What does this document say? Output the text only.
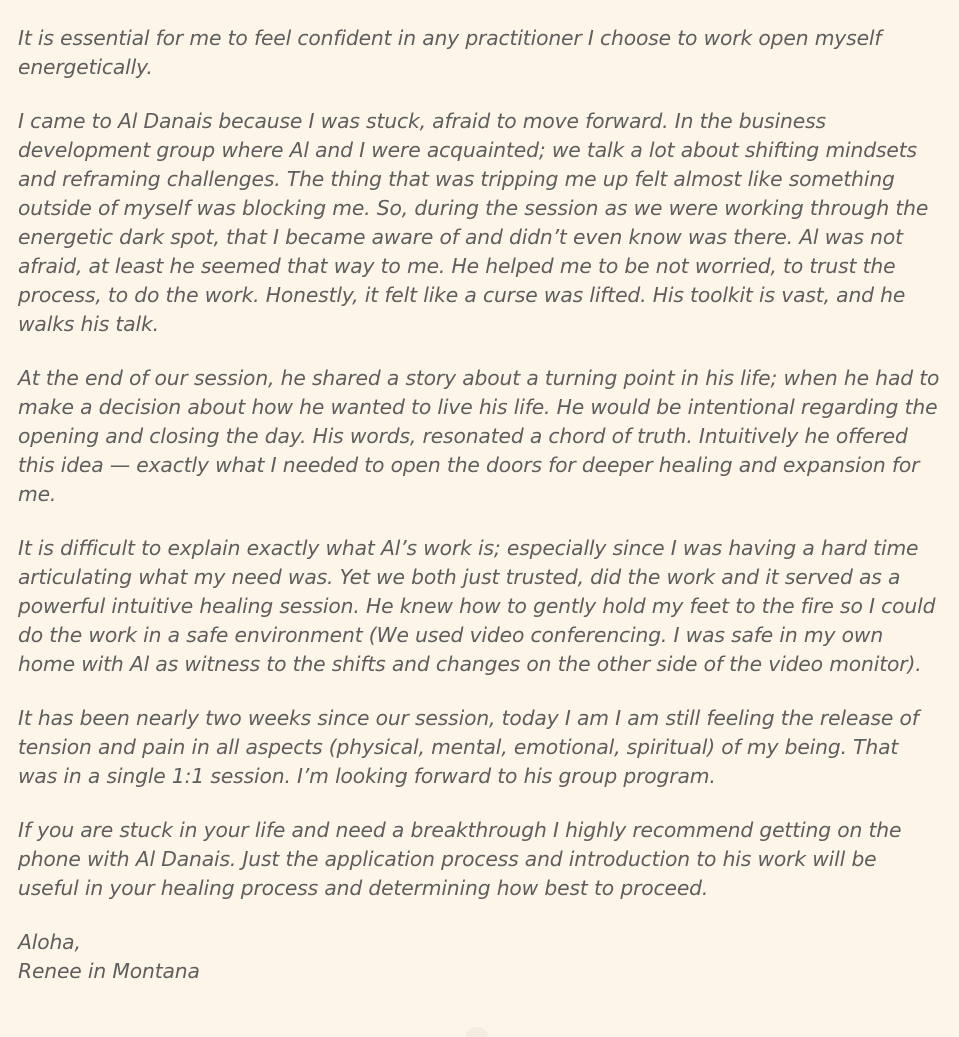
It is essential for me to feel confident in any practitioner I choose to work open myself energetically.

I came to Al Danais because I was stuck, afraid to move forward. In the business development group where Al and I were acquainted; we talk a lot about shifting mindsets and reframing challenges. The thing that was tripping me up felt almost like something outside of myself was blocking me. So, during the session as we were working through the energetic dark spot, that I became aware of and didn’t even know was there. Al was not afraid, at least he seemed that way to me. He helped me to be not worried, to trust the process, to do the work. Honestly, it felt like a curse was lifted. His toolkit is vast, and he walks his talk.

At the end of our session, he shared a story about a turning point in his life; when he had to make a decision about how he wanted to live his life. He would be intentional regarding the opening and closing the day. His words, resonated a chord of truth. Intuitively he offered this idea — exactly what I needed to open the doors for deeper healing and expansion for me.

It is difficult to explain exactly what Al’s work is; especially since I was having a hard time articulating what my need was. Yet we both just trusted, did the work and it served as a powerful intuitive healing session. He knew how to gently hold my feet to the fire so I could do the work in a safe environment (We used video conferencing. I was safe in my own home with Al as witness to the shifts and changes on the other side of the video monitor).

It has been nearly two weeks since our session, today I am I am still feeling the release of tension and pain in all aspects (physical, mental, emotional, spiritual) of my being. That was in a single 1:1 session. I’m looking forward to his group program.

If you are stuck in your life and need a breakthrough I highly recommend getting on the phone with Al Danais. Just the application process and introduction to his work will be useful in your healing process and determining how best to proceed.

Aloha,

Renee in Montana
